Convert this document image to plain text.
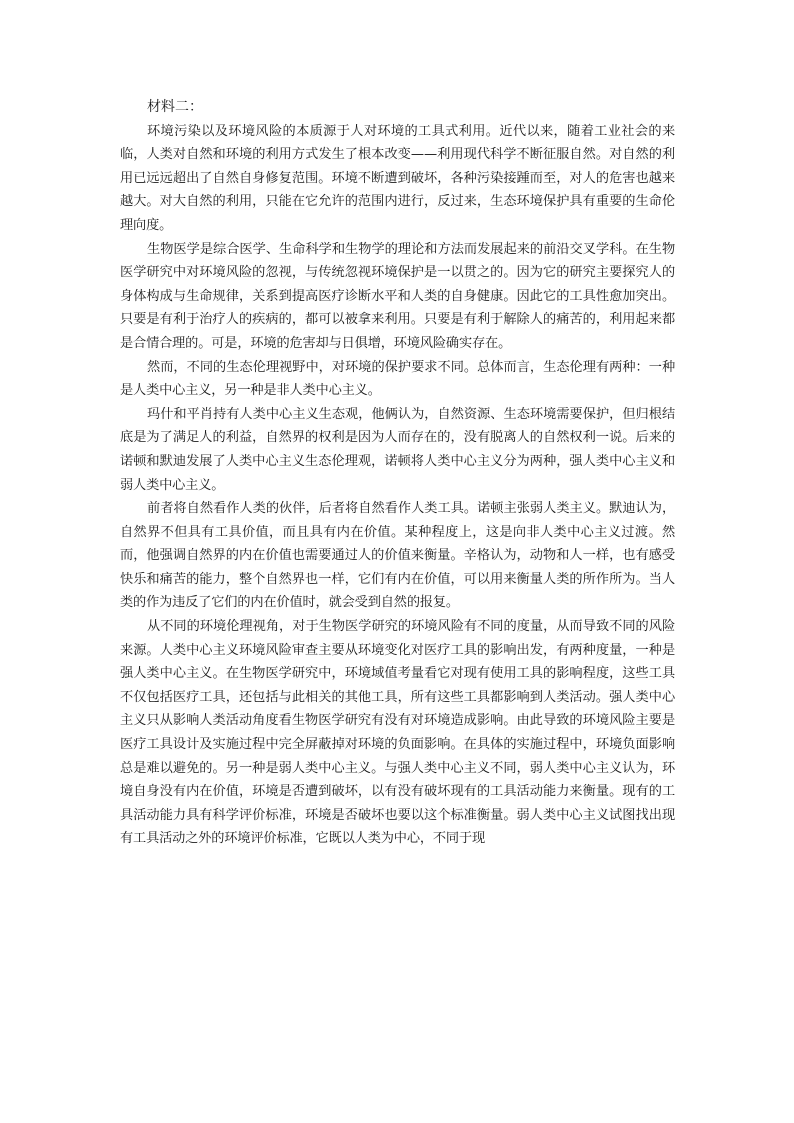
材料二：

环境污染以及环境风险的本质源于人对环境的工具式利用。近代以来，随着工业社会的来临，人类对自然和环境的利用方式发生了根本改变——利用现代科学不断征服自然。对自然的利用已远远超出了自然自身修复范围。环境不断遭到破坏，各种污染接踵而至，对人的危害也越来越大。对大自然的利用，只能在它允许的范围内进行，反过来，生态环境保护具有重要的生命伦理向度。

生物医学是综合医学、生命科学和生物学的理论和方法而发展起来的前沿交叉学科。在生物医学研究中对环境风险的忽视，与传统忽视环境保护是一以贯之的。因为它的研究主要探究人的身体构成与生命规律，关系到提高医疗诊断水平和人类的自身健康。因此它的工具性愈加突出。只要是有利于治疗人的疾病的，都可以被拿来利用。只要是有利于解除人的痛苦的，利用起来都是合情合理的。可是，环境的危害却与日俱增，环境风险确实存在。

然而，不同的生态伦理视野中，对环境的保护要求不同。总体而言，生态伦理有两种：一种是人类中心主义，另一种是非人类中心主义。

玛什和平肖持有人类中心主义生态观，他俩认为，自然资源、生态环境需要保护，但归根结底是为了满足人的利益，自然界的权利是因为人而存在的，没有脱离人的自然权利一说。后来的诺顿和默迪发展了人类中心主义生态伦理观，诺顿将人类中心主义分为两种，强人类中心主义和弱人类中心主义。

前者将自然看作人类的伙伴，后者将自然看作人类工具。诺顿主张弱人类主义。默迪认为，自然界不但具有工具价值，而且具有内在价值。某种程度上，这是向非人类中心主义过渡。然而，他强调自然界的内在价值也需要通过人的价值来衡量。辛格认为，动物和人一样，也有感受快乐和痛苦的能力，整个自然界也一样，它们有内在价值，可以用来衡量人类的所作所为。当人类的作为违反了它们的内在价值时，就会受到自然的报复。

从不同的环境伦理视角，对于生物医学研究的环境风险有不同的度量，从而导致不同的风险来源。人类中心主义环境风险审查主要从环境变化对医疗工具的影响出发，有两种度量，一种是强人类中心主义。在生物医学研究中，环境域值考量看它对现有使用工具的影响程度，这些工具不仅包括医疗工具，还包括与此相关的其他工具，所有这些工具都影响到人类活动。强人类中心主义只从影响人类活动角度看生物医学研究有没有对环境造成影响。由此导致的环境风险主要是医疗工具设计及实施过程中完全屏蔽掉对环境的负面影响。在具体的实施过程中，环境负面影响总是难以避免的。另一种是弱人类中心主义。与强人类中心主义不同，弱人类中心主义认为，环境自身没有内在价值，环境是否遭到破坏，以有没有破坏现有的工具活动能力来衡量。现有的工具活动能力具有科学评价标准，环境是否破坏也要以这个标准衡量。弱人类中心主义试图找出现有工具活动之外的环境评价标准，它既以人类为中心，不同于现
